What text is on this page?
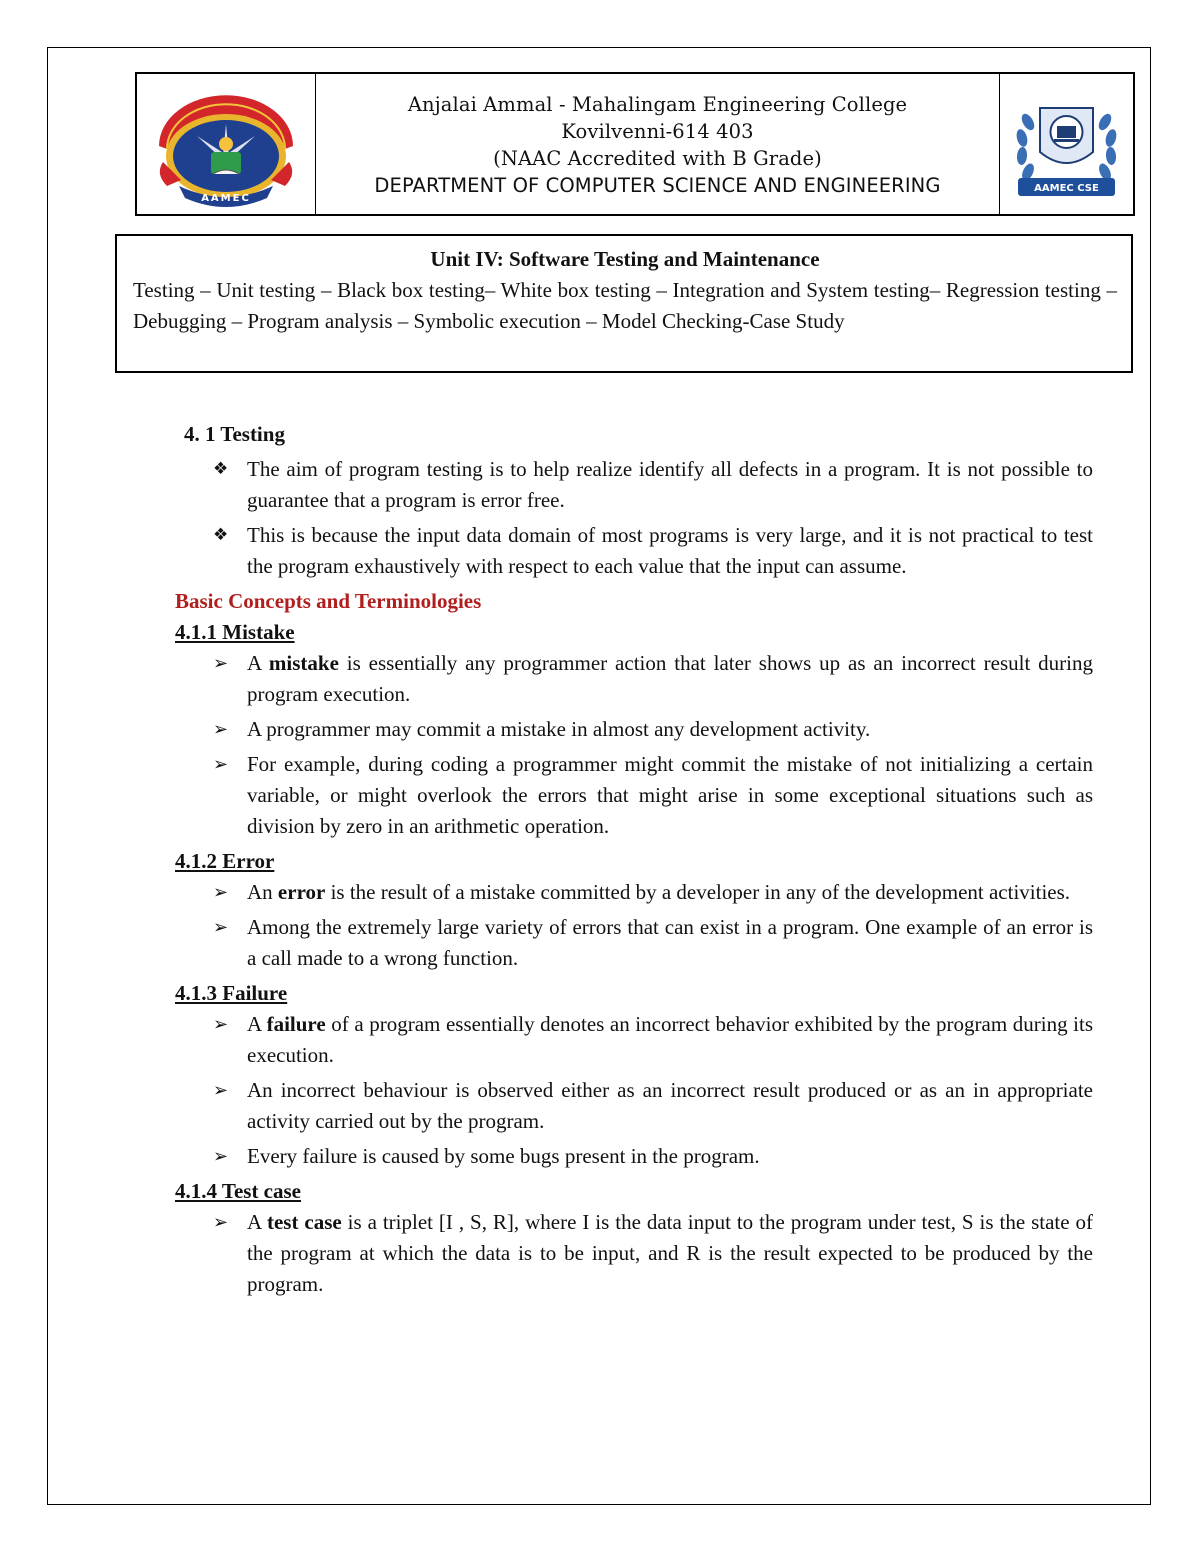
AAMEC
Anjalai Ammal - Mahalingam Engineering College
Kovilvenni-614 403
(NAAC Accredited with B Grade)
DEPARTMENT OF COMPUTER SCIENCE AND ENGINEERING	AAMEC CSE
Unit IV: Software Testing and Maintenance
Testing – Unit testing – Black box testing– White box testing – Integration and System testing– Regression testing – Debugging – Program analysis – Symbolic execution – Model Checking-Case Study
4. 1 Testing
❖ The aim of program testing is to help realize identify all defects in a program. It is not possible to guarantee that a program is error free.
❖ This is because the input data domain of most programs is very large, and it is not practical to test the program exhaustively with respect to each value that the input can assume.
Basic Concepts and Terminologies
4.1.1 Mistake
➢ A mistake is essentially any programmer action that later shows up as an incorrect result during program execution.
➢ A programmer may commit a mistake in almost any development activity.
➢ For example, during coding a programmer might commit the mistake of not initializing a certain variable, or might overlook the errors that might arise in some exceptional situations such as division by zero in an arithmetic operation.
4.1.2 Error
➢ An error is the result of a mistake committed by a developer in any of the development activities.
➢ Among the extremely large variety of errors that can exist in a program. One example of an error is a call made to a wrong function.
4.1.3 Failure
➢ A failure of a program essentially denotes an incorrect behavior exhibited by the program during its execution.
➢ An incorrect behaviour is observed either as an incorrect result produced or as an in appropriate activity carried out by the program.
➢ Every failure is caused by some bugs present in the program.
4.1.4 Test case
➢ A test case is a triplet [I , S, R], where I is the data input to the program under test, S is the state of the program at which the data is to be input, and R is the result expected to be produced by the program.
